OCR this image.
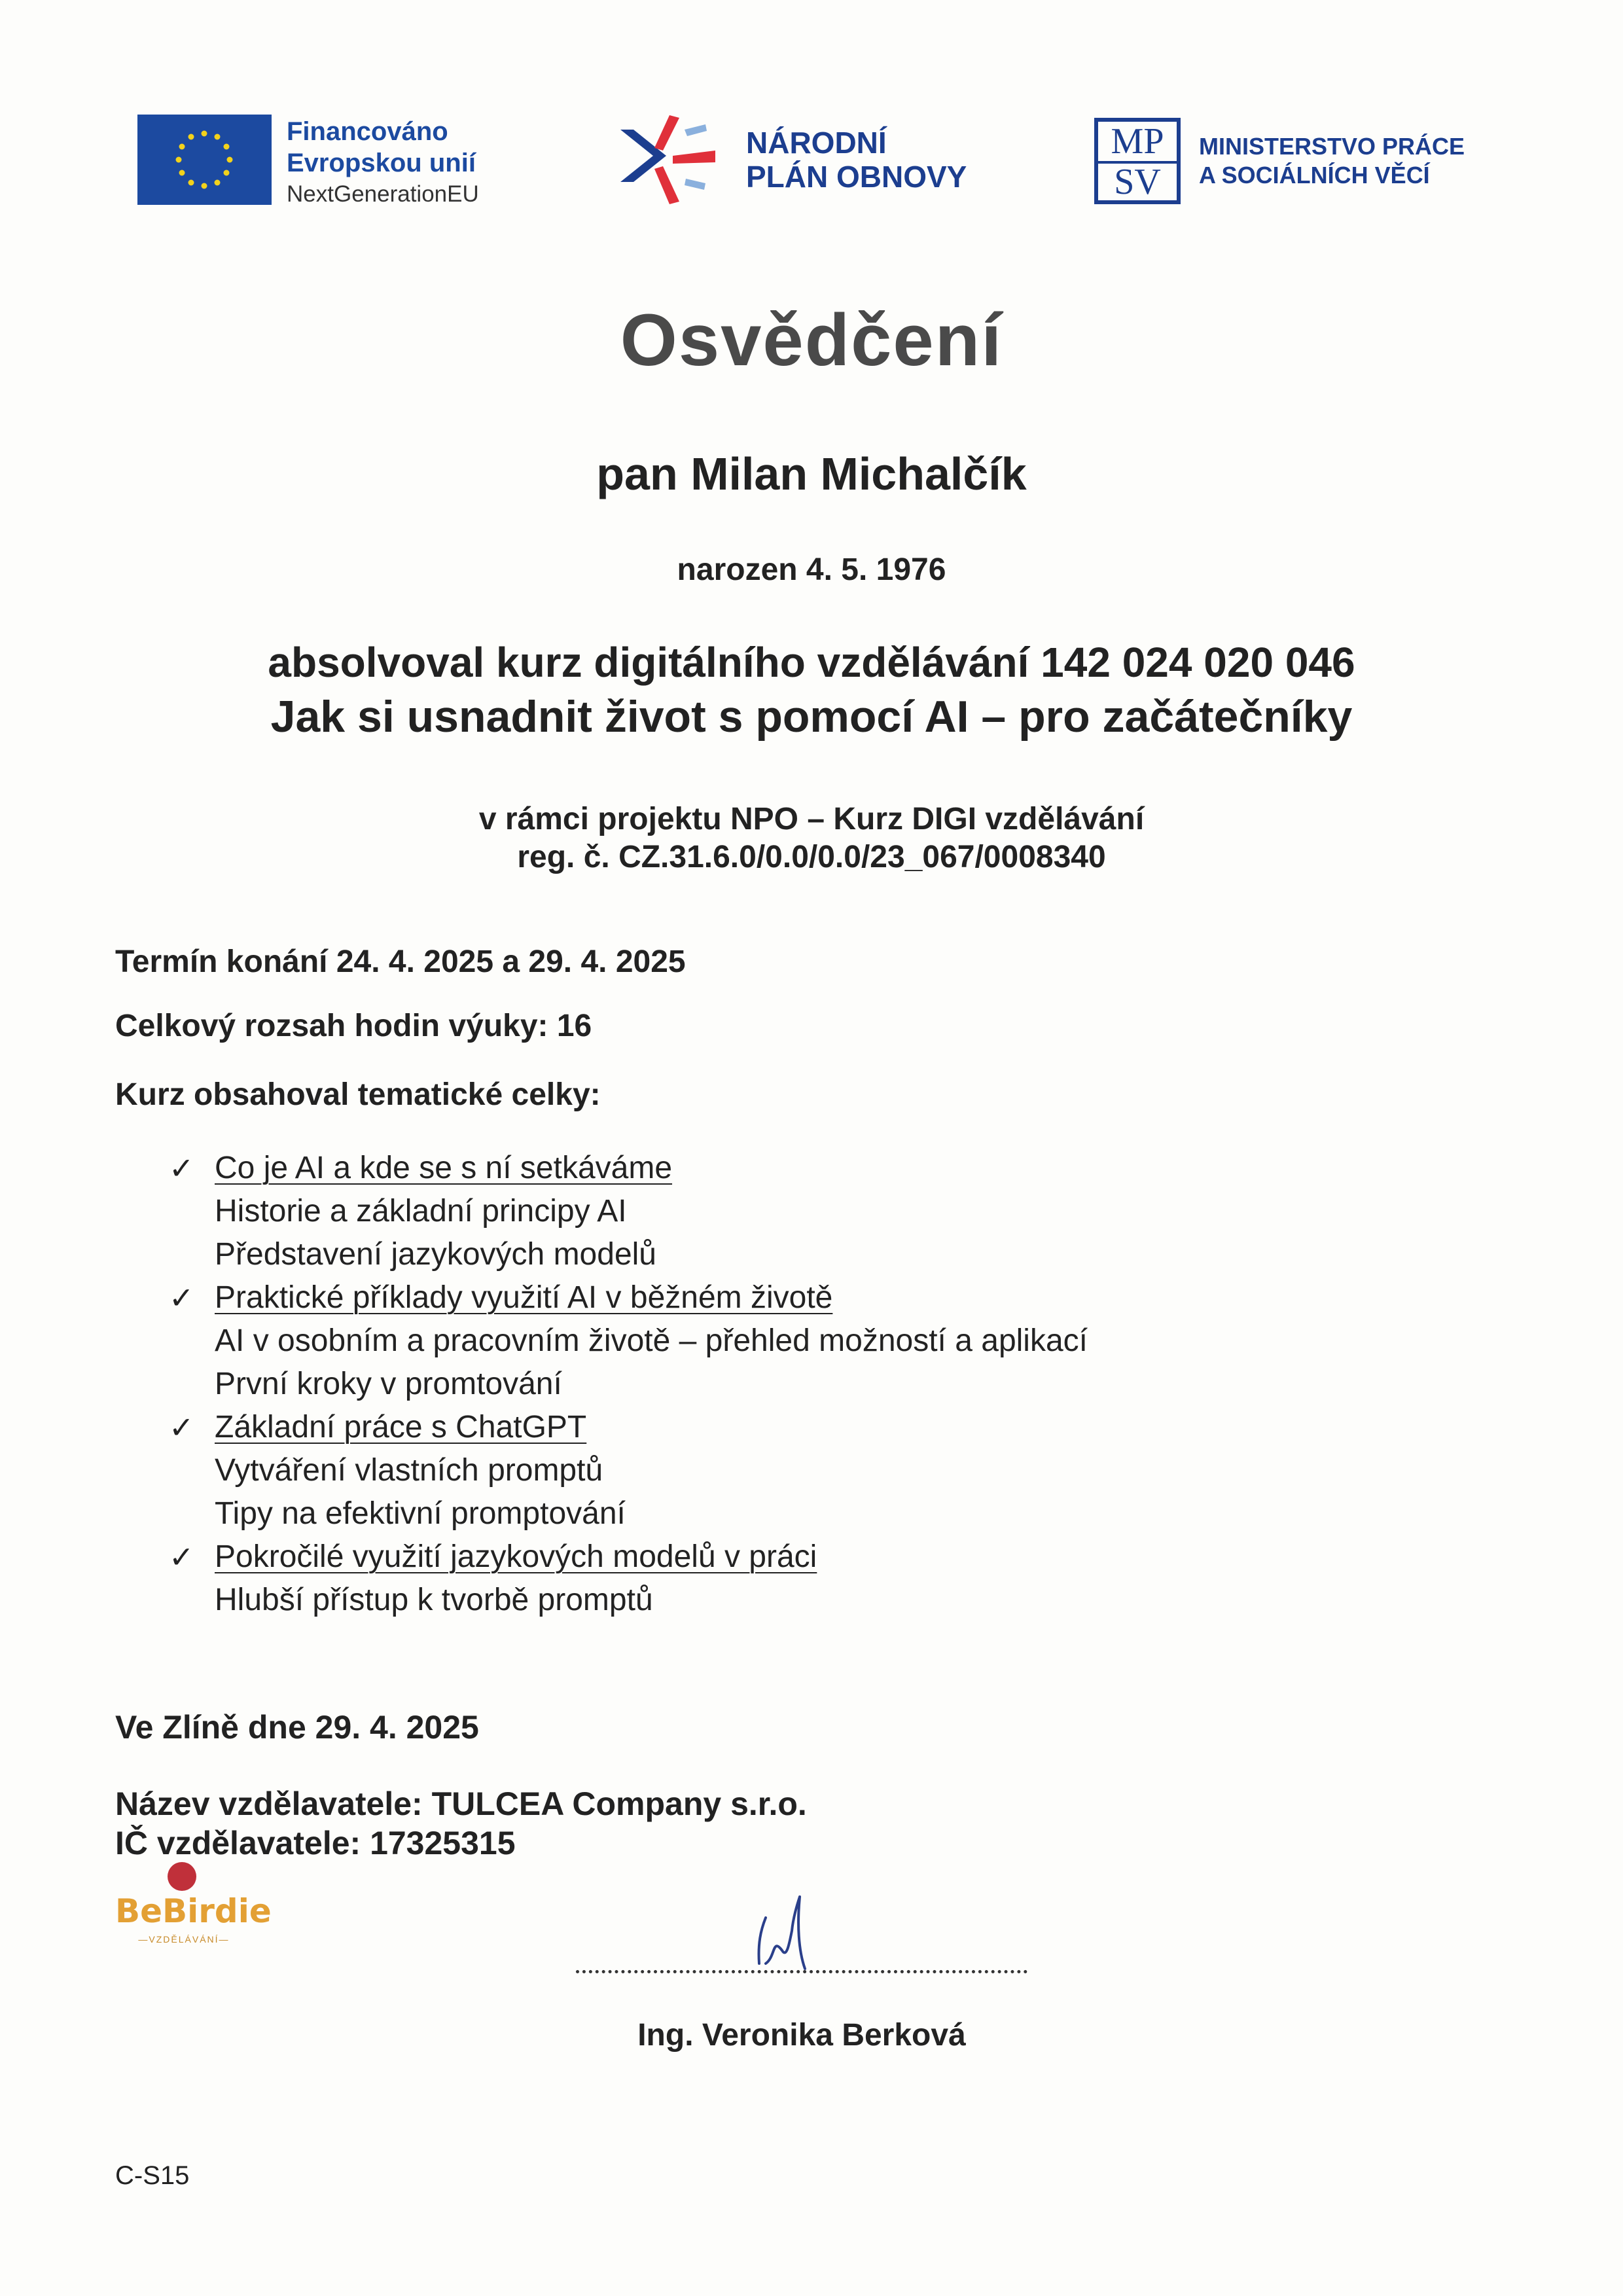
Financováno
Evropskou unií
NextGenerationEU
NÁRODNÍ
PLÁN OBNOVY
MP
SV
MINISTERSTVO PRÁCE
A SOCIÁLNÍCH VĚCÍ
Osvědčení
pan Milan Michalčík
narozen 4. 5. 1976
absolvoval kurz digitálního vzdělávání 142 024 020 046
Jak si usnadnit život s pomocí AI – pro začátečníky
v rámci projektu NPO – Kurz DIGI vzdělávání
reg. č. CZ.31.6.0/0.0/0.0/23_067/0008340
Termín konání 24. 4. 2025 a 29. 4. 2025
Celkový rozsah hodin výuky: 16
Kurz obsahoval tematické celky:
✓ Co je AI a kde se s ní setkáváme
Historie a základní principy AI
Představení jazykových modelů
✓ Praktické příklady využití AI v běžném životě
AI v osobním a pracovním životě – přehled možností a aplikací
První kroky v promtování
✓ Základní práce s ChatGPT
Vytváření vlastních promptů
Tipy na efektivní promptování
✓ Pokročilé využití jazykových modelů v práci
Hlubší přístup k tvorbě promptů
Ve Zlíně dne 29. 4. 2025
Název vzdělavatele: TULCEA Company s.r.o.
IČ vzdělavatele: 17325315
BeBirdie
—VZDĚLÁVÁNÍ—
Ing. Veronika Berková
C-S15
